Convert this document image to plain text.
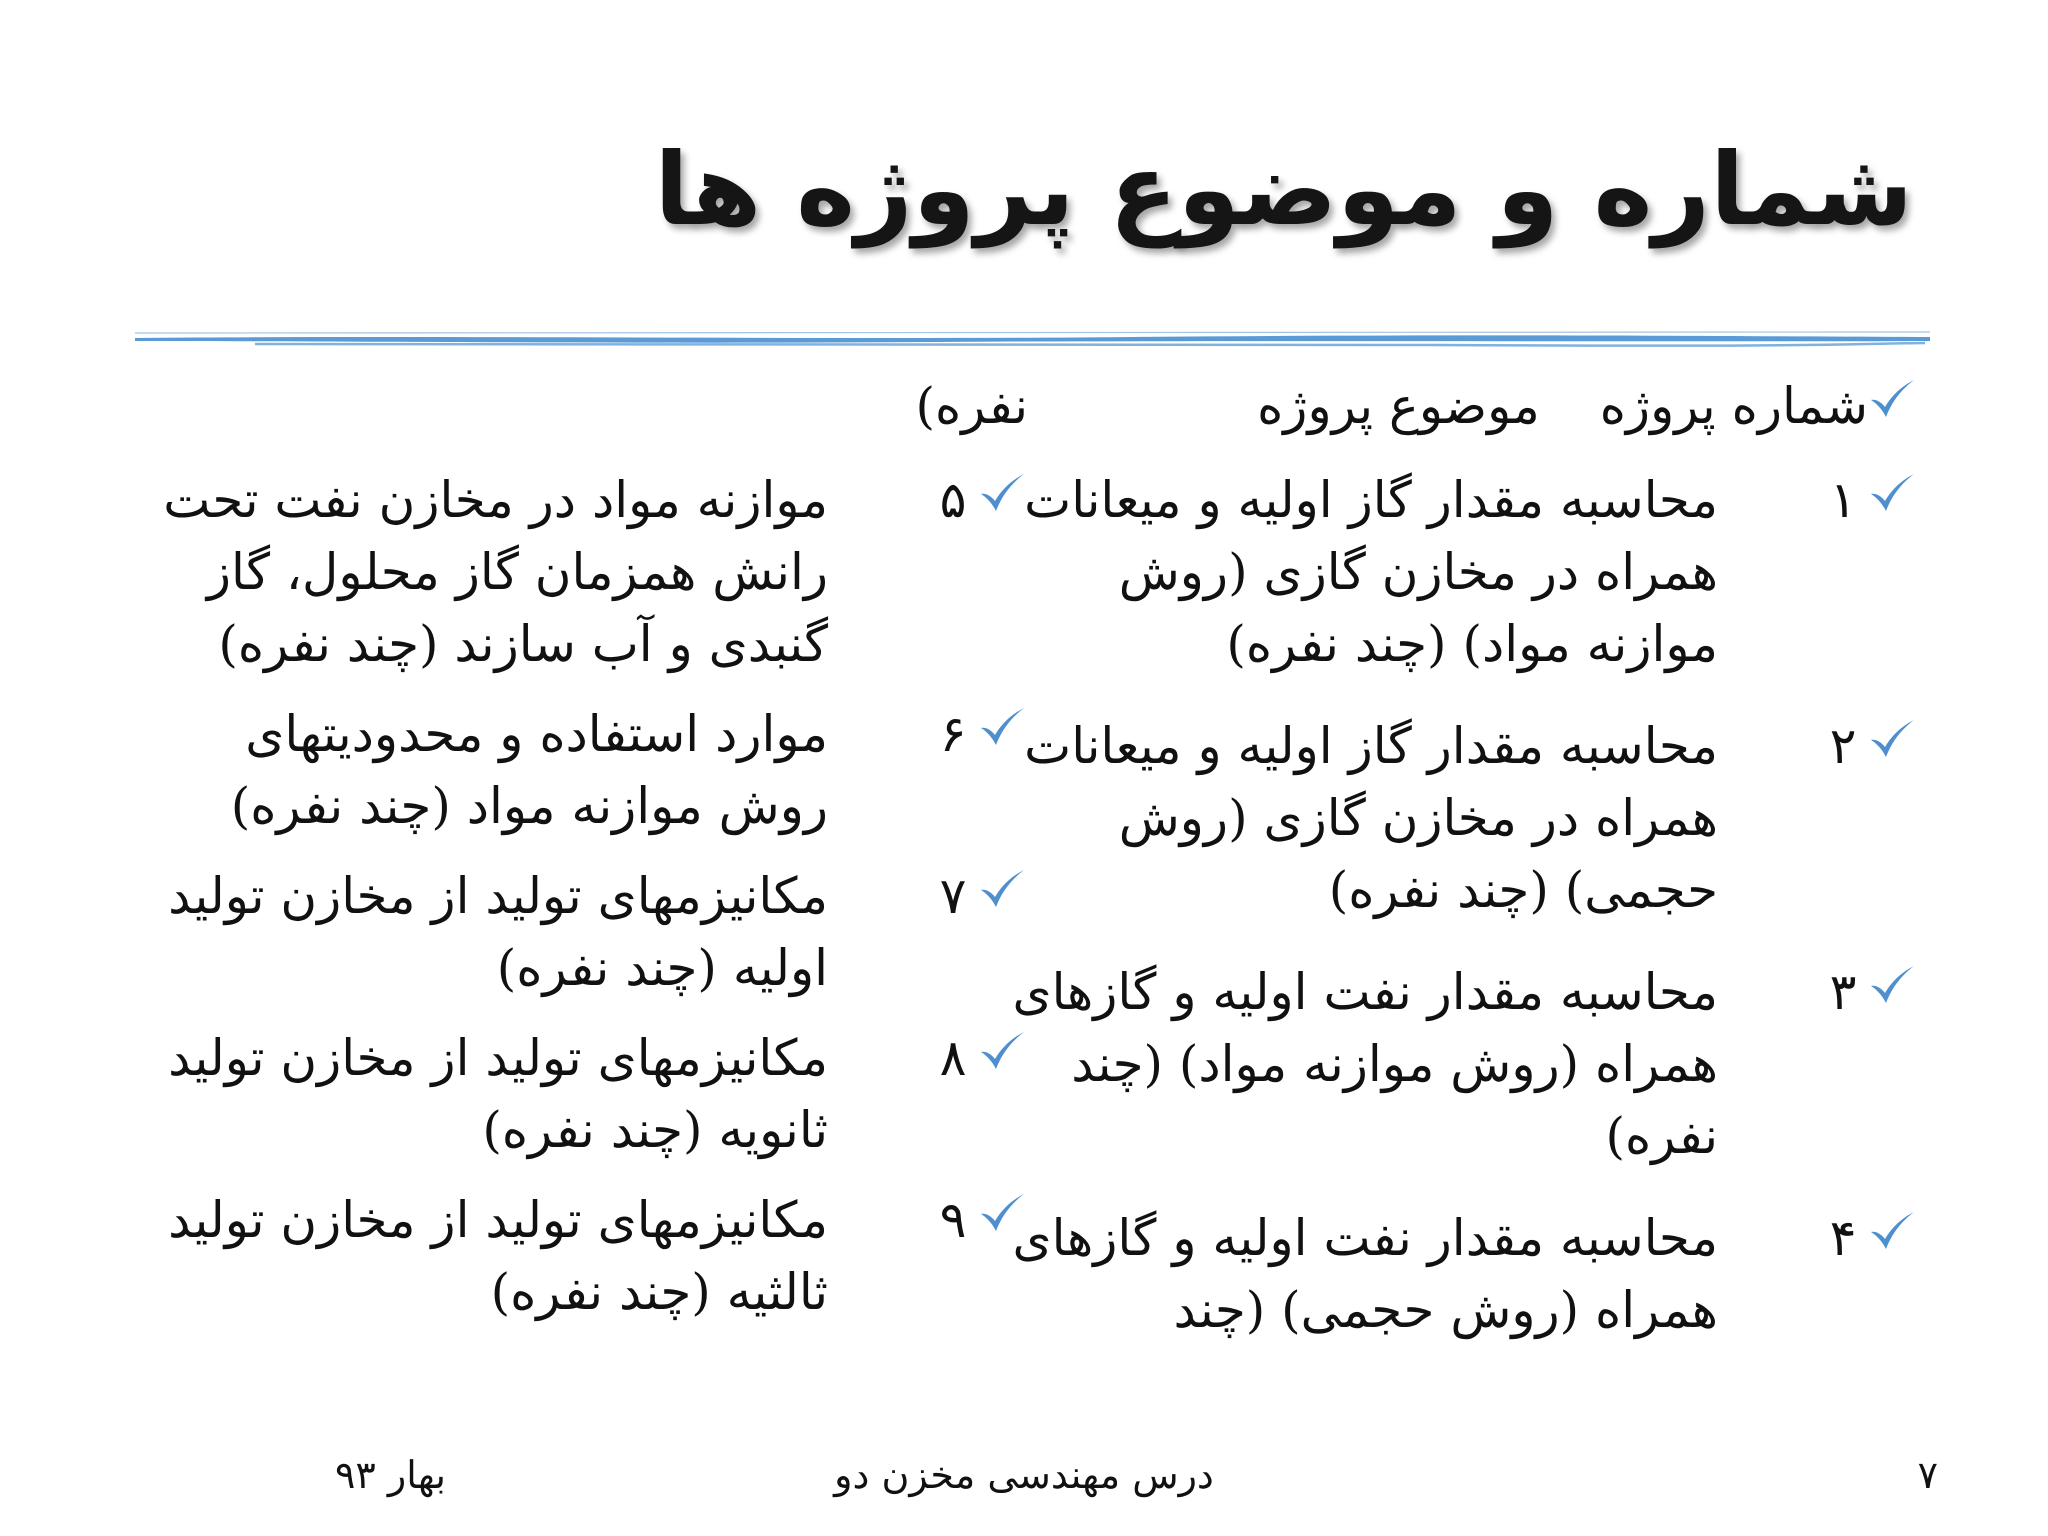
شماره و موضوع پروژه ها
شماره پروژه
موضوع پروژه
۱
محاسبه مقدار گاز اولیه و میعانات همراه در مخازن گازی (روش موازنه مواد) (چند نفره)
۲
محاسبه مقدار گاز اولیه و میعانات همراه در مخازن گازی (روش حجمی) (چند نفره)
۳
محاسبه مقدار نفت اولیه و گازهای همراه (روش موازنه مواد) (چند نفره)
۴
محاسبه مقدار نفت اولیه و گازهای همراه (روش حجمی) (چند
نفره)
۵
موازنه مواد در مخازن نفت تحت رانش همزمان گاز محلول، گاز گنبدی و آب سازند (چند نفره)
۶
موارد استفاده و محدودیتهای روش موازنه مواد (چند نفره)
۷
مکانیزمهای تولید از مخازن تولید اولیه (چند نفره)
۸
مکانیزمهای تولید از مخازن تولید ثانویه (چند نفره)
۹
مکانیزمهای تولید از مخازن تولید ثالثیه (چند نفره)
۷
درس مهندسی مخزن دو
بهار ۹۳
